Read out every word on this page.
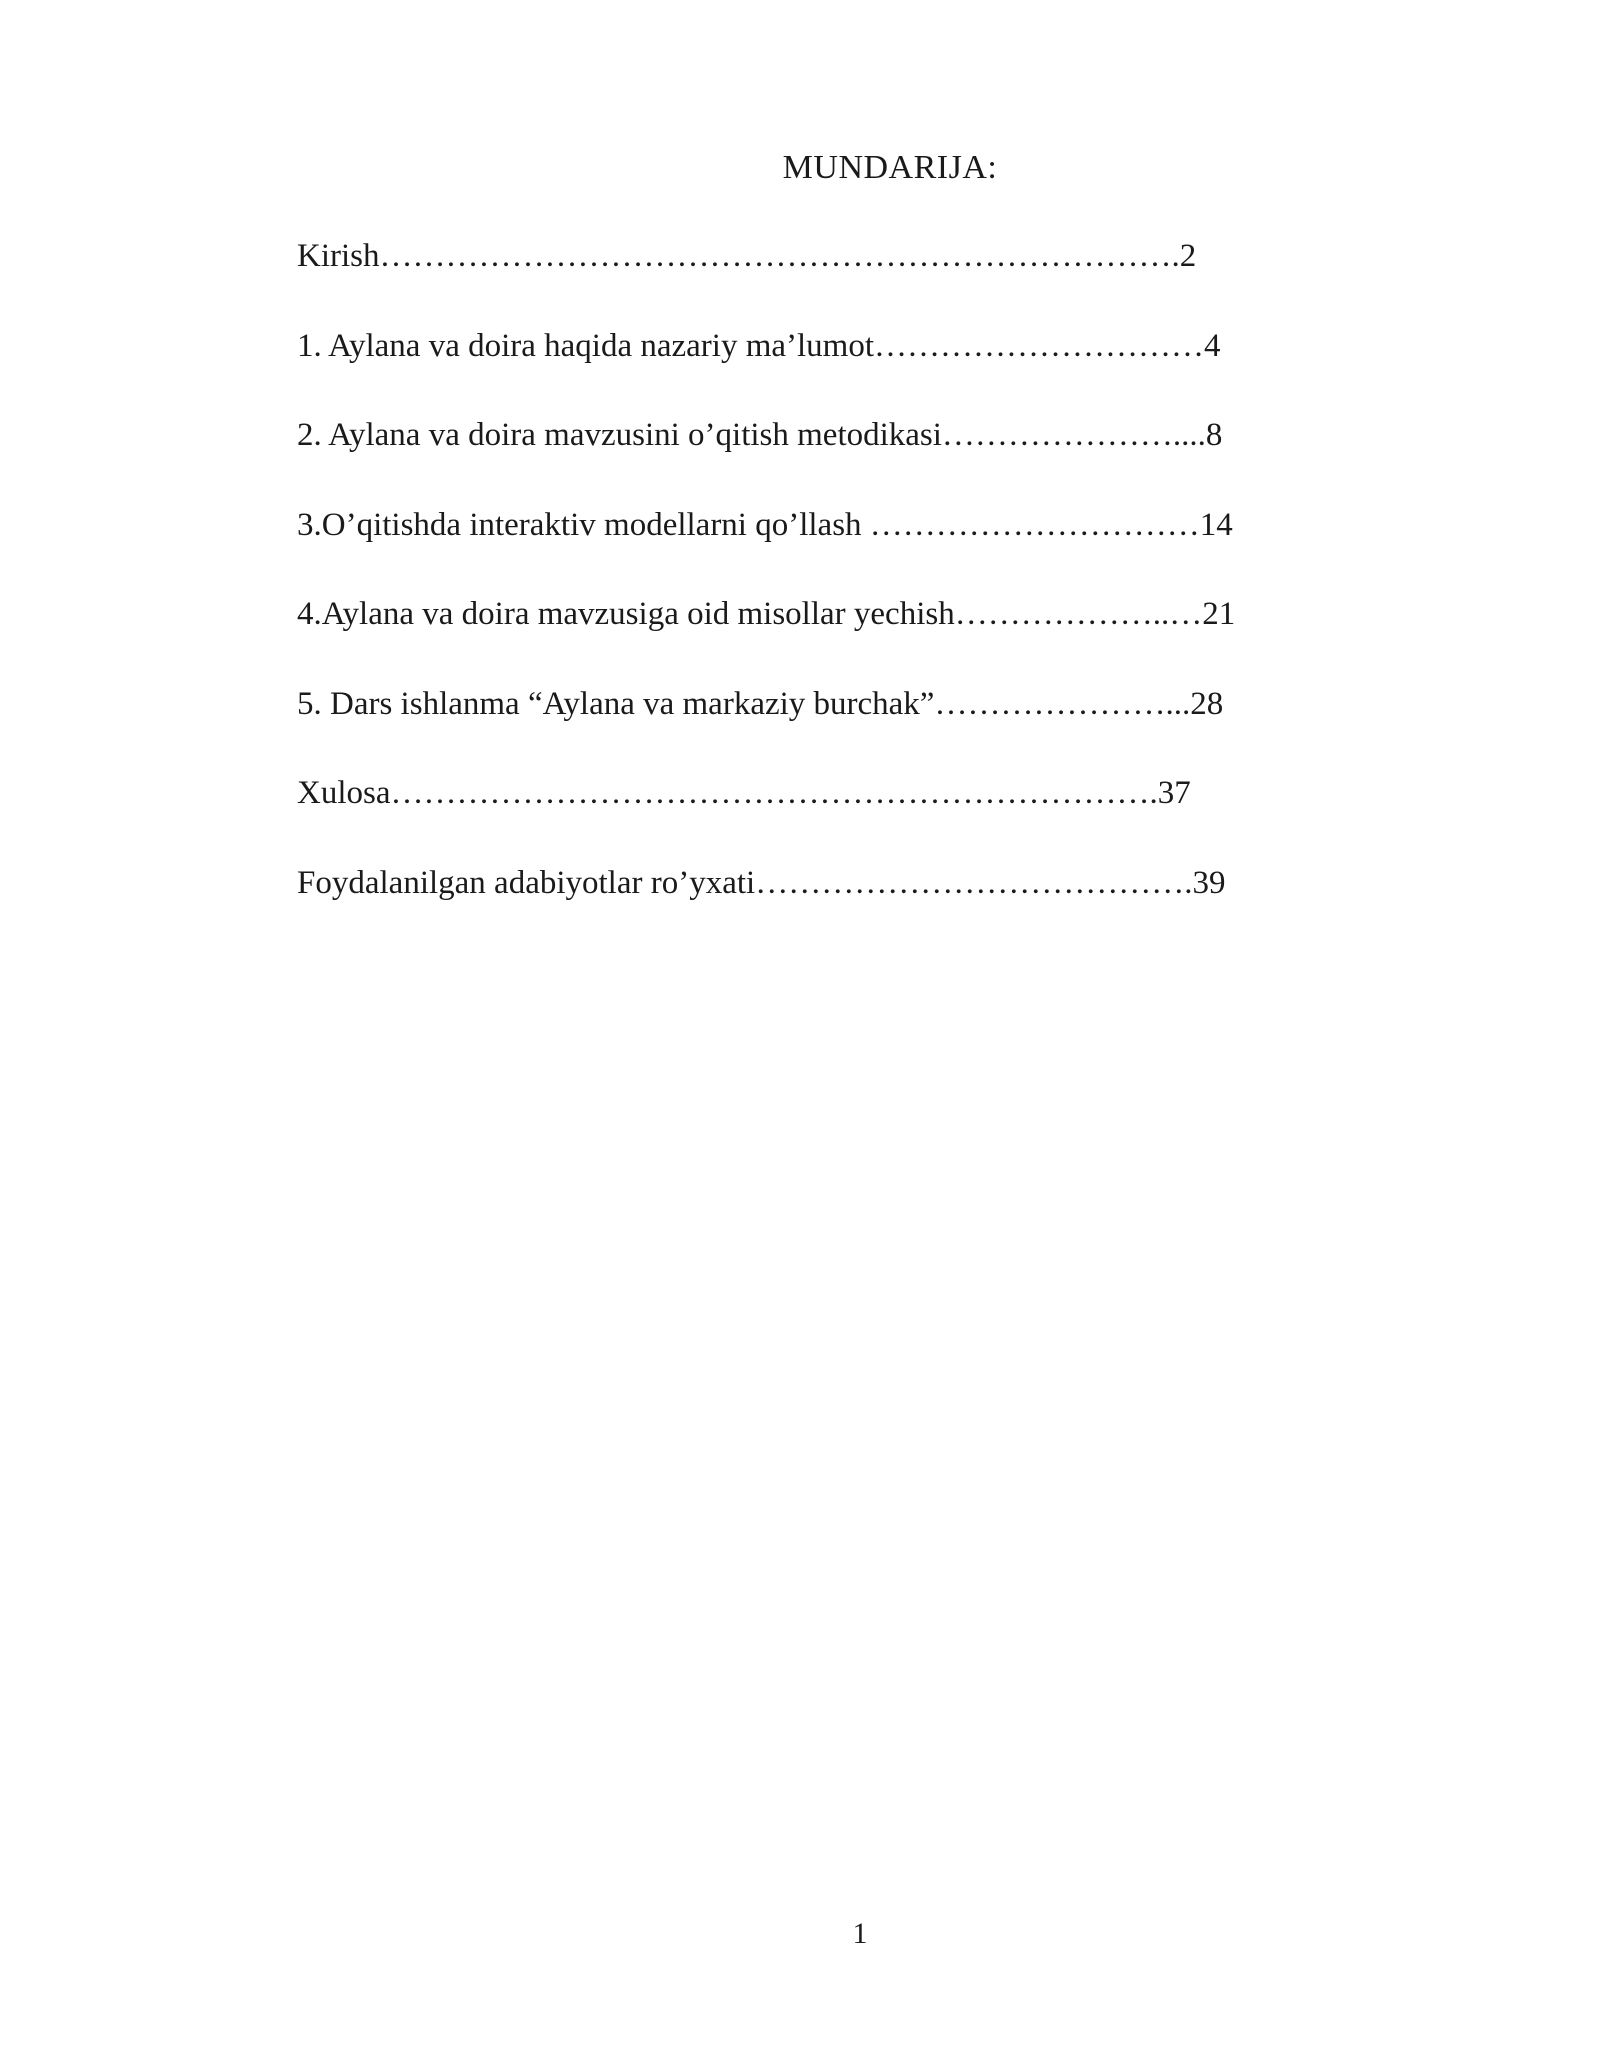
MUNDARIJA:
Kirish……………………………………………………………….2
1. Aylana va doira haqida nazariy ma’lumot…………………………4
2. Aylana va doira mavzusini o’qitish metodikasi…………………....8
3.O’qitishda interaktiv modellarni qo’llash …………………………14
4.Aylana va doira mavzusiga oid misollar yechish………………..…21
5. Dars ishlanma “Aylana va markaziy burchak”…………………...28
Xulosa…………………………………………………………….37
Foydalanilgan adabiyotlar ro’yxati………………………………….39
1
